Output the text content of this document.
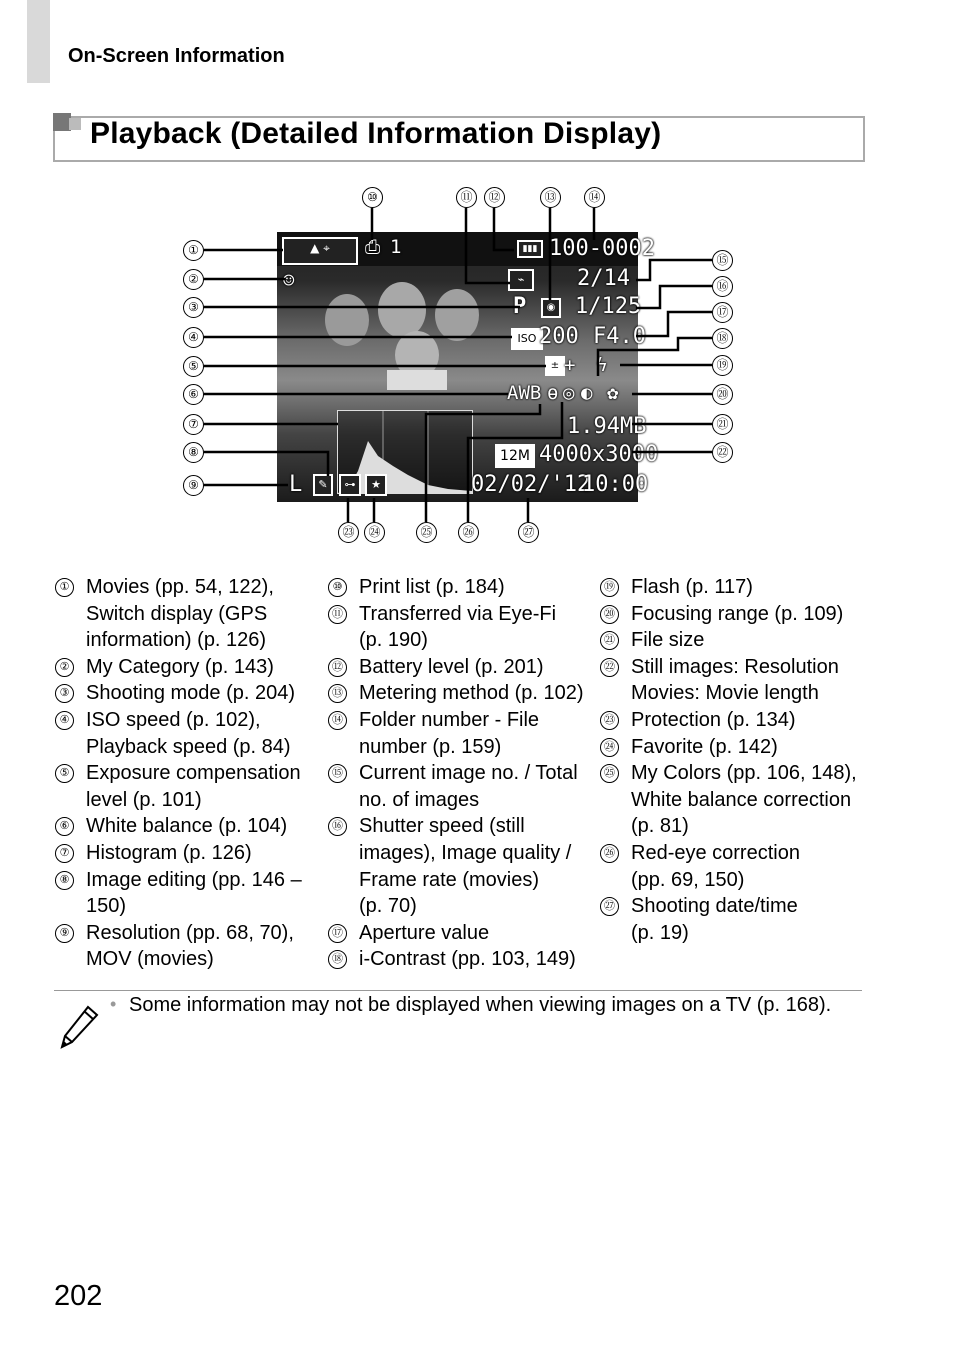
On-Screen Information
Playback (Detailed Information Display)
▲ ⌖	⎙ 1	▮▮▮ 100-0002
☺	⌁	2/14
P	◉ 1/125
ISO 200 F4.0
± + ϟ
AWB ɵ ◎ ◐ ✿
1.94MB
12M 4000x3000
L	✎	⊶	★	02/02/'12
10:00
①
②
③
④
⑤
⑥
⑦
⑧
⑨
⑩	⑪	⑫	⑬	⑭
⑮
⑯
⑰
⑱
⑲
⑳
㉑
㉒
㉓	㉔	㉕	㉖	㉗
① Movies (pp. 54, 122),
Switch display (GPS
information) (p. 126)
② My Category (p. 143)
③ Shooting mode (p. 204)
④ ISO speed (p. 102),
Playback speed (p. 84)
⑤ Exposure compensation
level (p. 101)
⑥ White balance (p. 104)
⑦ Histogram (p. 126)
⑧ Image editing (pp. 146 –
150)
⑨ Resolution (pp. 68, 70),
MOV (movies)
⑩ Print list (p. 184)
⑪ Transferred via Eye-Fi
(p. 190)
⑫ Battery level (p. 201)
⑬ Metering method (p. 102)
⑭ Folder number - File
number (p. 159)
⑮ Current image no. / Total
no. of images
⑯ Shutter speed (still
images), Image quality /
Frame rate (movies)
(p. 70)
⑰ Aperture value
⑱ i-Contrast (pp. 103, 149)
⑲ Flash (p. 117)
⑳ Focusing range (p. 109)
㉑ File size
㉒ Still images: Resolution
Movies: Movie length
㉓ Protection (p. 134)
㉔ Favorite (p. 142)
㉕ My Colors (pp. 106, 148),
White balance correction
(p. 81)
㉖ Red-eye correction
(pp. 69, 150)
㉗ Shooting date/time
(p. 19)
• Some information may not be displayed when viewing images on a TV (p. 168).
202
